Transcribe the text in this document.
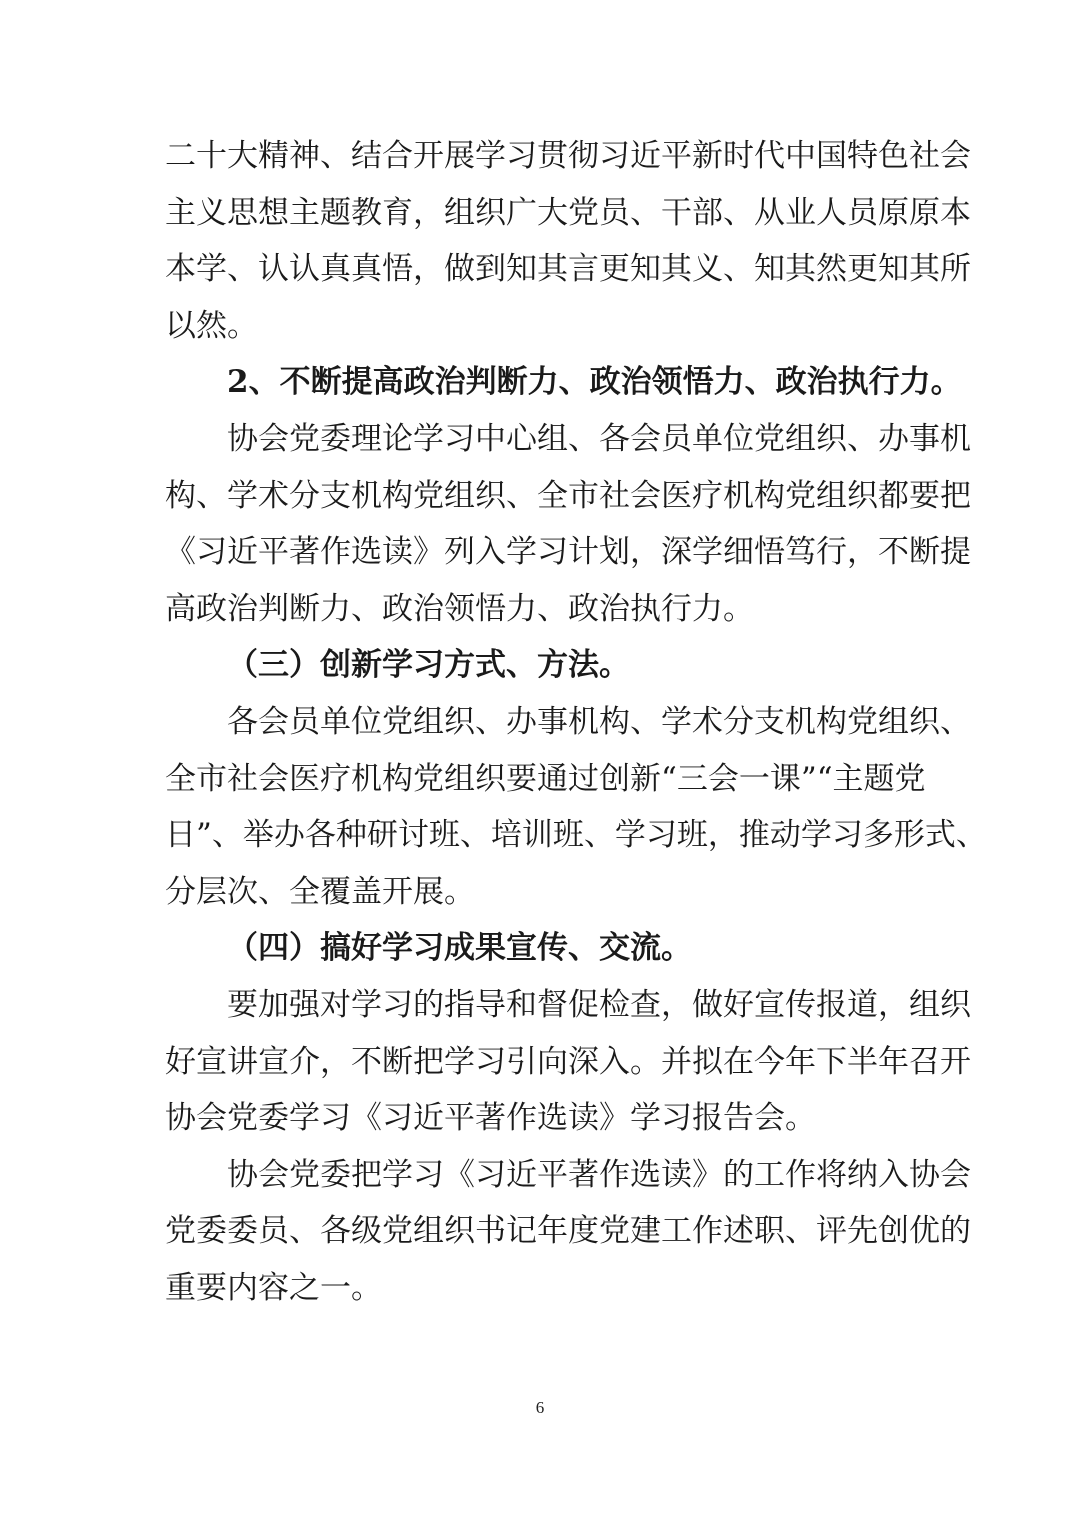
二十大精神、结合开展学习贯彻习近平新时代中国特色社会
主义思想主题教育，组织广大党员、干部、从业人员原原本
本学、认认真真悟，做到知其言更知其义、知其然更知其所
以然。
2、不断提高政治判断力、政治领悟力、政治执行力。
协会党委理论学习中心组、各会员单位党组织、办事机
构、学术分支机构党组织、全市社会医疗机构党组织都要把
《习近平著作选读》列入学习计划，深学细悟笃行，不断提
高政治判断力、政治领悟力、政治执行力。
（三）创新学习方式、方法。
各会员单位党组织、办事机构、学术分支机构党组织、
全市社会医疗机构党组织要通过创新“三会一课”“主题党
日”、举办各种研讨班、培训班、学习班，推动学习多形式、
分层次、全覆盖开展。
（四）搞好学习成果宣传、交流。
要加强对学习的指导和督促检查，做好宣传报道，组织
好宣讲宣介，不断把学习引向深入。并拟在今年下半年召开
协会党委学习《习近平著作选读》学习报告会。
协会党委把学习《习近平著作选读》的工作将纳入协会
党委委员、各级党组织书记年度党建工作述职、评先创优的
重要内容之一。
6
